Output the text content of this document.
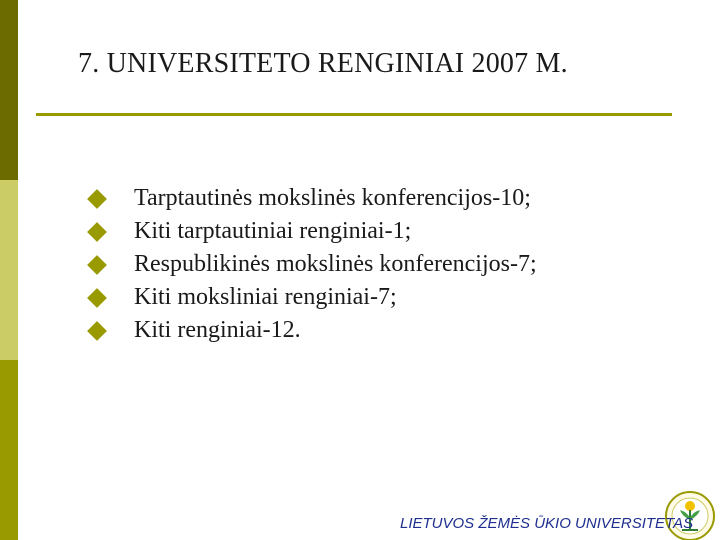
7. UNIVERSITETO RENGINIAI 2007 M.
Tarptautinės mokslinės konferencijos-10;
Kiti tarptautiniai renginiai-1;
Respublikinės mokslinės konferencijos-7;
Kiti moksliniai renginiai-7;
Kiti renginiai-12.
LIETUVOS ŽEMĖS ŪKIO UNIVERSITETAS
